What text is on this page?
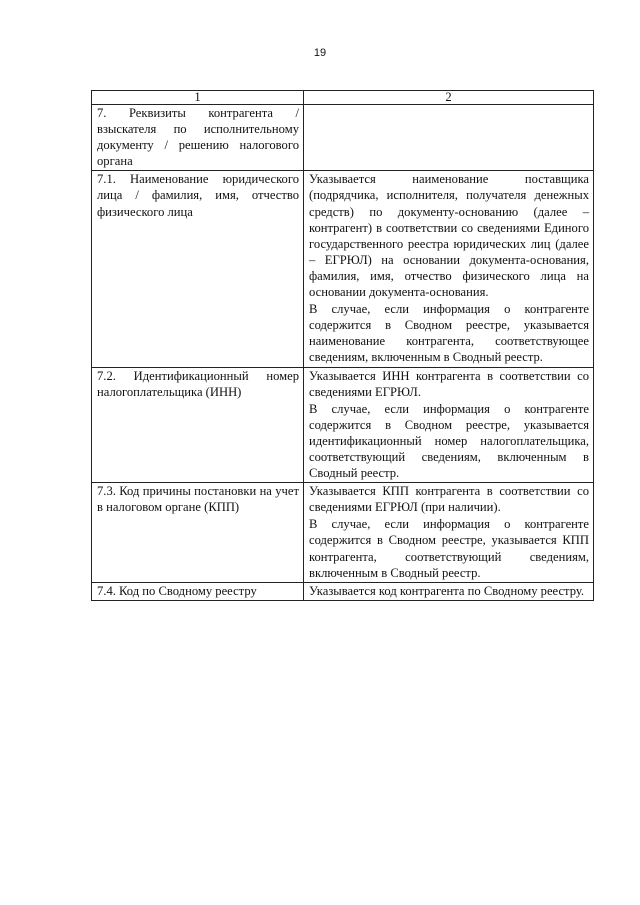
19
1	2

7. Реквизиты контрагента / взыскателя по исполнительному документу / решению налогового органа	

7.1. Наименование юридического лица / фамилия, имя, отчество физического лица	Указывается наименование поставщика (подрядчика, исполнителя, получателя денежных средств) по документу-основанию (далее – контрагент) в соответствии со сведениями Единого государственного реестра юридических лиц (далее – ЕГРЮЛ) на основании документа-основания, фамилия, имя, отчество физического лица на основании документа-основания.

В случае, если информация о контрагенте содержится в Сводном реестре, указывается наименование контрагента, соответствующее сведениям, включенным в Сводный реестр.

7.2. Идентификационный номер налогоплательщика (ИНН)	Указывается ИНН контрагента в соответствии со сведениями ЕГРЮЛ.

В случае, если информация о контрагенте содержится в Сводном реестре, указывается идентификационный номер налогоплательщика, соответствующий сведениям, включенным в Сводный реестр.

7.3. Код причины постановки на учет в налоговом органе (КПП)	Указывается КПП контрагента в соответствии со сведениями ЕГРЮЛ (при наличии).

В случае, если информация о контрагенте содержится в Сводном реестре, указывается КПП контрагента, соответствующий сведениям, включенным в Сводный реестр.

7.4. Код по Сводному реестру	Указывается код контрагента по Сводному реестру.
